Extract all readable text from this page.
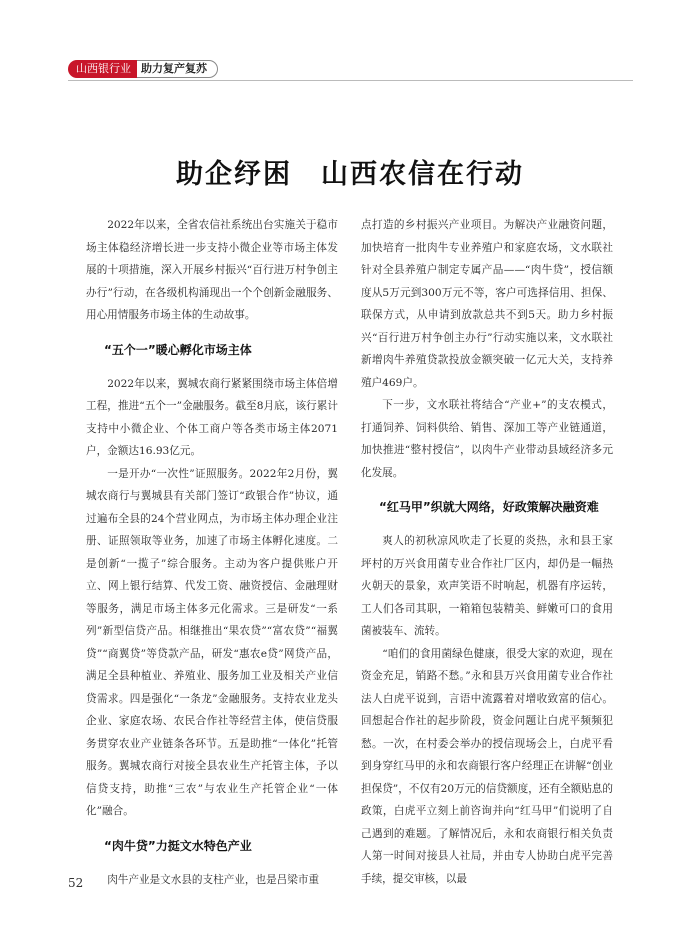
山西银行业 助力复产复苏
助企纾困　山西农信在行动

2022年以来，全省农信社系统出台实施关于稳市场主体稳经济增长进一步支持小微企业等市场主体发展的十项措施，深入开展乡村振兴“百行进万村争创主办行”行动，在各级机构涌现出一个个创新金融服务、用心用情服务市场主体的生动故事。

“五个一”暖心孵化市场主体

2022年以来，翼城农商行紧紧围绕市场主体倍增工程，推进“五个一”金融服务。截至8月底，该行累计支持中小微企业、个体工商户等各类市场主体2071户，金额达16.93亿元。

一是开办“一次性”证照服务。2022年2月份，翼城农商行与翼城县有关部门签订“政银合作”协议，通过遍布全县的24个营业网点，为市场主体办理企业注册、证照领取等业务，加速了市场主体孵化速度。二是创新“一揽子”综合服务。主动为客户提供账户开立、网上银行结算、代发工资、融资授信、金融理财等服务，满足市场主体多元化需求。三是研发“一系列”新型信贷产品。相继推出“果农贷”“富农贷”“福翼贷”“商翼贷”等贷款产品，研发“惠农e贷”网贷产品，满足全县种植业、养殖业、服务加工业及相关产业信贷需求。四是强化“一条龙”金融服务。支持农业龙头企业、家庭农场、农民合作社等经营主体，使信贷服务贯穿农业产业链条各环节。五是助推“一体化”托管服务。翼城农商行对接全县农业生产托管主体，予以信贷支持，助推“三农”与农业生产托管企业“一体化”融合。

“肉牛贷”力挺文水特色产业

肉牛产业是文水县的支柱产业，也是吕梁市重

点打造的乡村振兴产业项目。为解决产业融资问题，加快培育一批肉牛专业养殖户和家庭农场，文水联社针对全县养殖户制定专属产品——“肉牛贷”，授信额度从5万元到300万元不等，客户可选择信用、担保、联保方式，从申请到放款总共不到5天。助力乡村振兴“百行进万村争创主办行”行动实施以来，文水联社新增肉牛养殖贷款投放金额突破一亿元大关，支持养殖户469户。

下一步，文水联社将结合“产业+”的支农模式，打通饲养、饲料供给、销售、深加工等产业链通道，加快推进“整村授信”，以肉牛产业带动县域经济多元化发展。

“红马甲”织就大网络，好政策解决融资难

爽人的初秋凉风吹走了长夏的炎热，永和县王家坪村的万兴食用菌专业合作社厂区内，却仍是一幅热火朝天的景象，欢声笑语不时响起，机器有序运转，工人们各司其职，一箱箱包装精美、鲜嫩可口的食用菌被装车、流转。

“咱们的食用菌绿色健康，很受大家的欢迎，现在资金充足，销路不愁。”永和县万兴食用菌专业合作社法人白虎平说到，言语中流露着对增收致富的信心。回想起合作社的起步阶段，资金问题让白虎平频频犯愁。一次，在村委会举办的授信现场会上，白虎平看到身穿红马甲的永和农商银行客户经理正在讲解“创业担保贷”，不仅有20万元的信贷额度，还有全额贴息的政策，白虎平立刻上前咨询并向“红马甲”们说明了自己遇到的难题。了解情况后，永和农商银行相关负责人第一时间对接县人社局，并由专人协助白虎平完善手续，提交审核，以最

52
